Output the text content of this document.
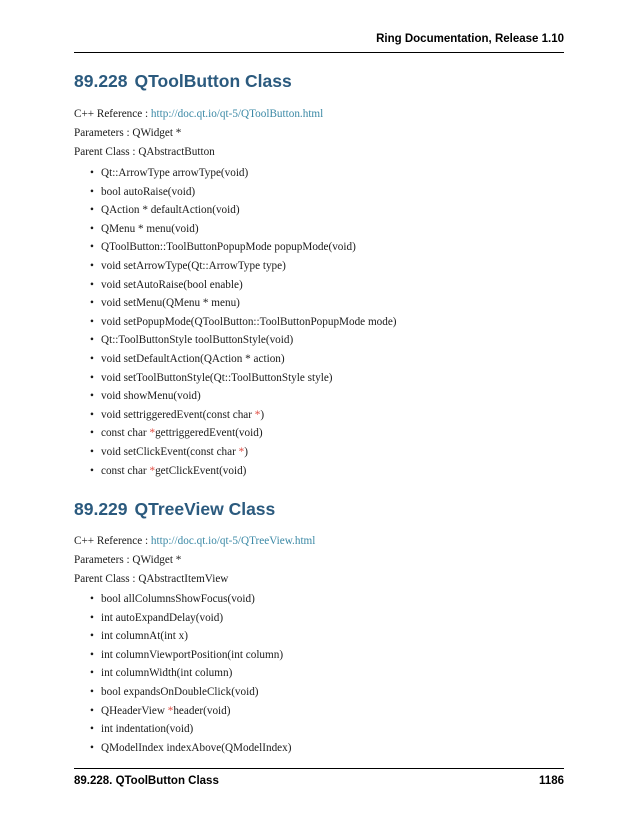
Ring Documentation, Release 1.10
89.228 QToolButton Class

C++ Reference : http://doc.qt.io/qt-5/QToolButton.html

Parameters : QWidget *

Parent Class : QAbstractButton

• Qt::ArrowType arrowType(void)
• bool autoRaise(void)
• QAction * defaultAction(void)
• QMenu * menu(void)
• QToolButton::ToolButtonPopupMode popupMode(void)
• void setArrowType(Qt::ArrowType type)
• void setAutoRaise(bool enable)
• void setMenu(QMenu * menu)
• void setPopupMode(QToolButton::ToolButtonPopupMode mode)
• Qt::ToolButtonStyle toolButtonStyle(void)
• void setDefaultAction(QAction * action)
• void setToolButtonStyle(Qt::ToolButtonStyle style)
• void showMenu(void)
• void settriggeredEvent(const char *)
• const char *gettriggeredEvent(void)
• void setClickEvent(const char *)
• const char *getClickEvent(void)
89.229 QTreeView Class

C++ Reference : http://doc.qt.io/qt-5/QTreeView.html

Parameters : QWidget *

Parent Class : QAbstractItemView

• bool allColumnsShowFocus(void)
• int autoExpandDelay(void)
• int columnAt(int x)
• int columnViewportPosition(int column)
• int columnWidth(int column)
• bool expandsOnDoubleClick(void)
• QHeaderView *header(void)
• int indentation(void)
• QModelIndex indexAbove(QModelIndex)
89.228. QToolButton Class	1186
